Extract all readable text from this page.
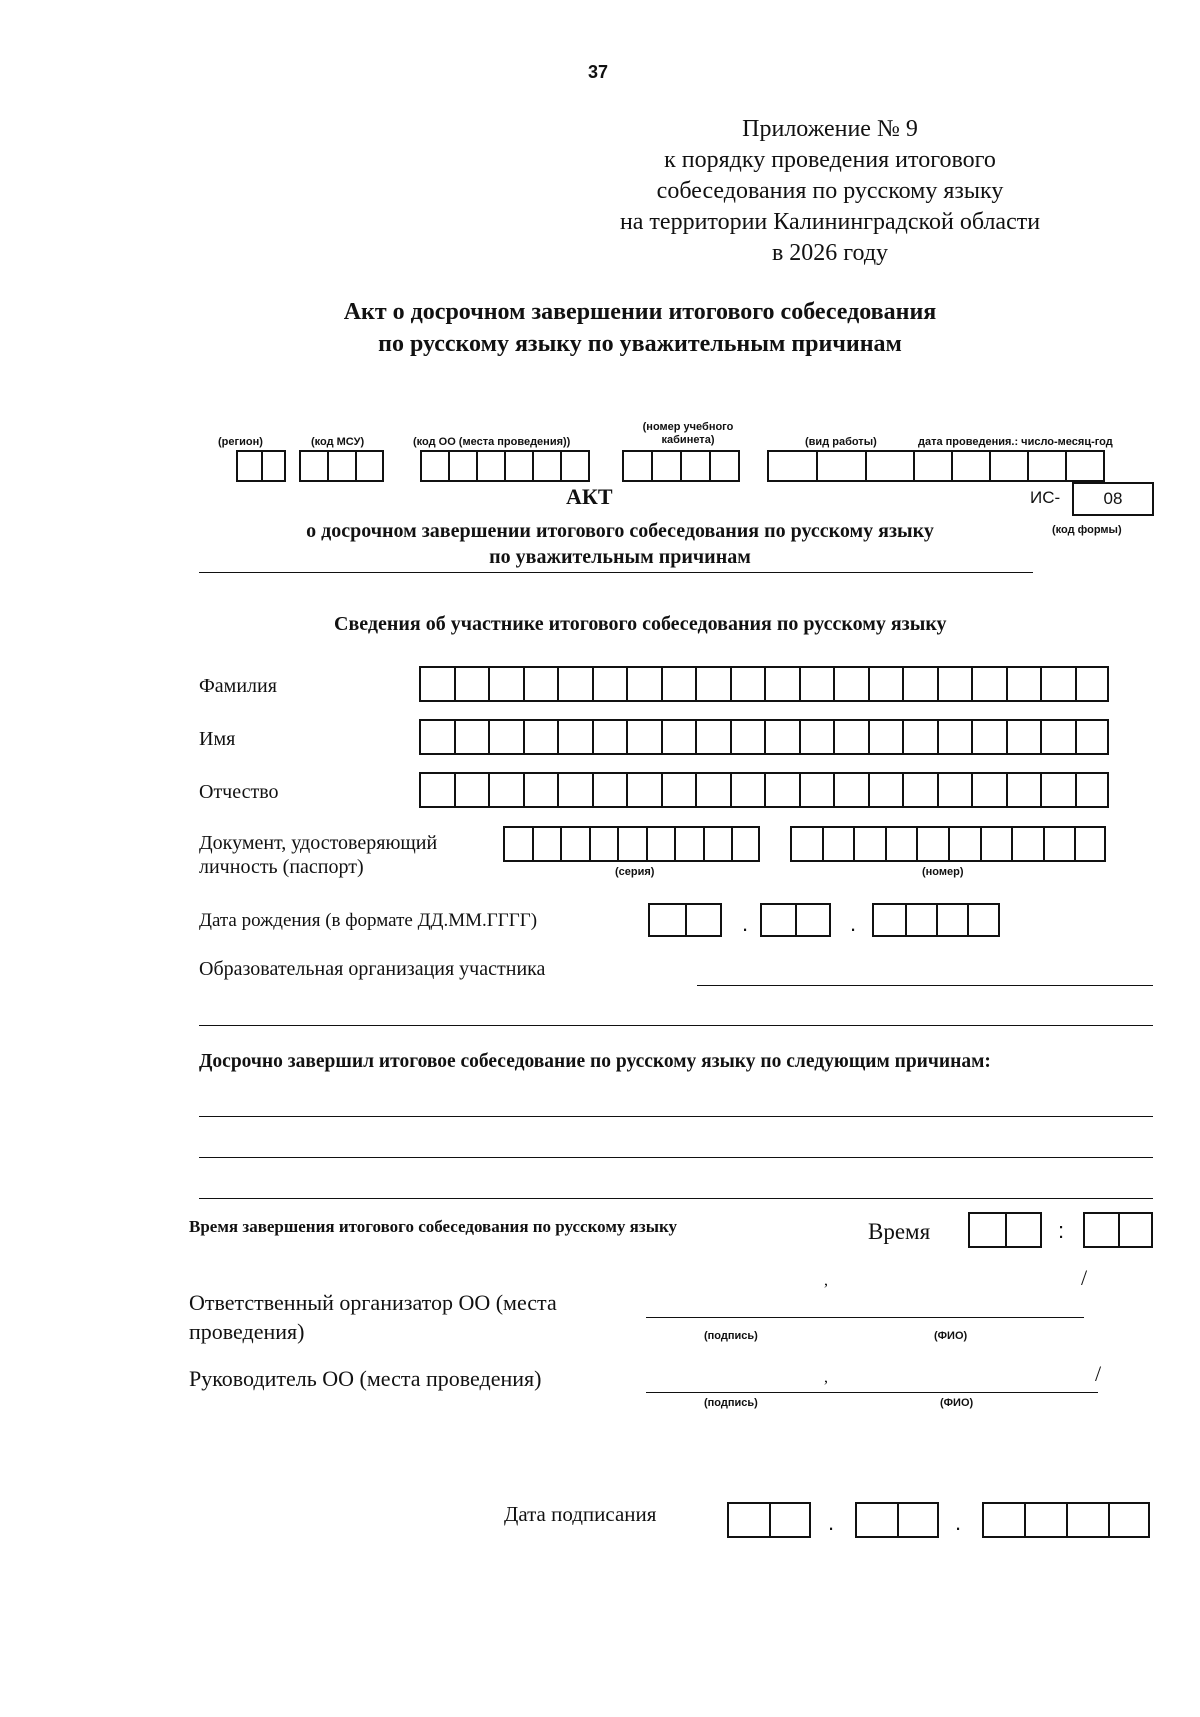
37
Приложение № 9
к порядку проведения итогового
собеседования по русскому языку
на территории Калининградской области
в 2026 году
Акт о досрочном завершении итогового собеседования
по русскому языку по уважительным причинам
(регион)	(код МСУ)	(код ОО (места проведения))
(номер учебного
кабинета)	(вид работы)	дата проведения.: число-месяц-год
АКТ	ИС-	08
(код формы)
о досрочном завершении итогового собеседования по русскому языку
по уважительным причинам
Сведения об участнике итогового собеседования по русскому языку
Фамилия
Имя
Отчество
Документ, удостоверяющий
личность (паспорт)	(серия)	(номер)
Дата рождения (в формате ДД.ММ.ГГГГ)	.	.
Образовательная организация участника
Досрочно завершил итоговое собеседование по русскому языку по следующим причинам:
Время завершения итогового собеседования по русскому языку	Время	:
Ответственный организатор ОО (места
проведения)
,	/
(подпись)	(ФИО)
Руководитель ОО (места проведения)	,	/
(подпись)	(ФИО)
Дата подписания	.	.
